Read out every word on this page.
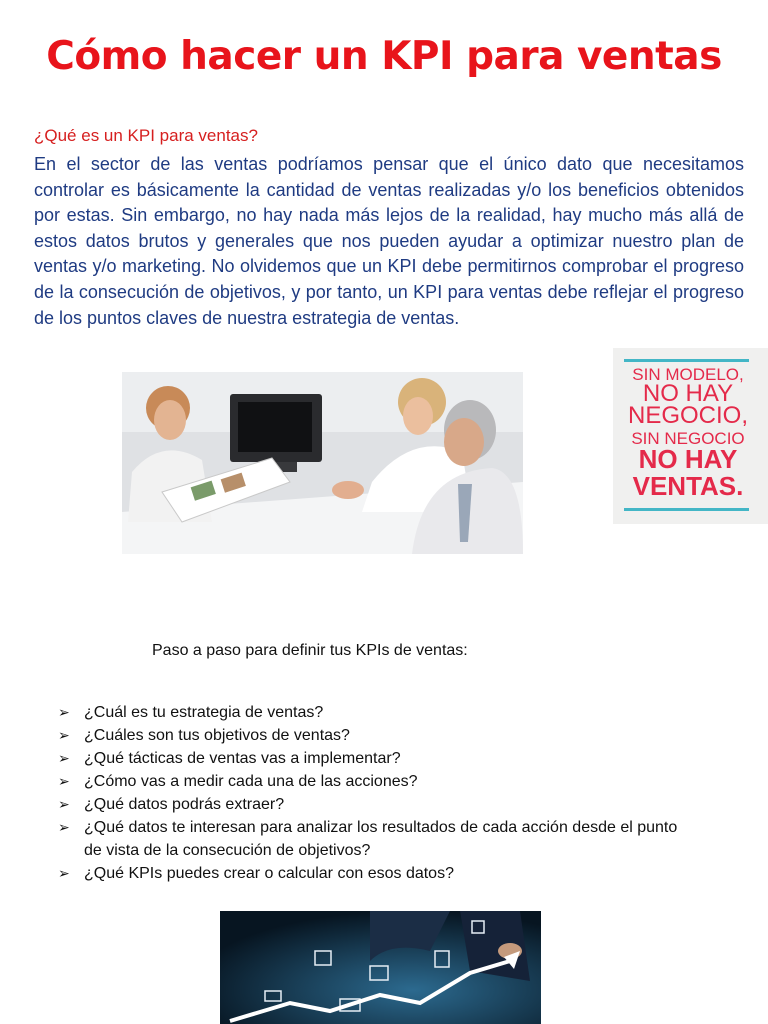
Cómo hacer un KPI para ventas
¿Qué es un KPI para ventas?

En el sector de las ventas podríamos pensar que el único dato que necesitamos controlar es básicamente la cantidad de ventas realizadas y/o los beneficios obtenidos por estas. Sin embargo, no hay nada más lejos de la realidad, hay mucho más allá de estos datos brutos y generales que nos pueden ayudar a optimizar nuestro plan de ventas y/o marketing. No olvidemos que un KPI debe permitirnos comprobar el progreso de la consecución de objetivos, y por tanto, un KPI para ventas debe reflejar el progreso de los puntos claves de nuestra estrategia de ventas.

SIN MODELO,
NO HAY
NEGOCIO,
SIN NEGOCIO
NO HAY
VENTAS.
Paso a paso para definir tus KPIs de ventas:
➢ ¿Cuál es tu estrategia de ventas?
➢ ¿Cuáles son tus objetivos de ventas?
➢ ¿Qué tácticas de ventas vas a implementar?
➢ ¿Cómo vas a medir cada una de las acciones?
➢ ¿Qué datos podrás extraer?
➢ ¿Qué datos te interesan para analizar los resultados de cada acción desde el punto de vista de la consecución de objetivos?
➢ ¿Qué KPIs puedes crear o calcular con esos datos?
